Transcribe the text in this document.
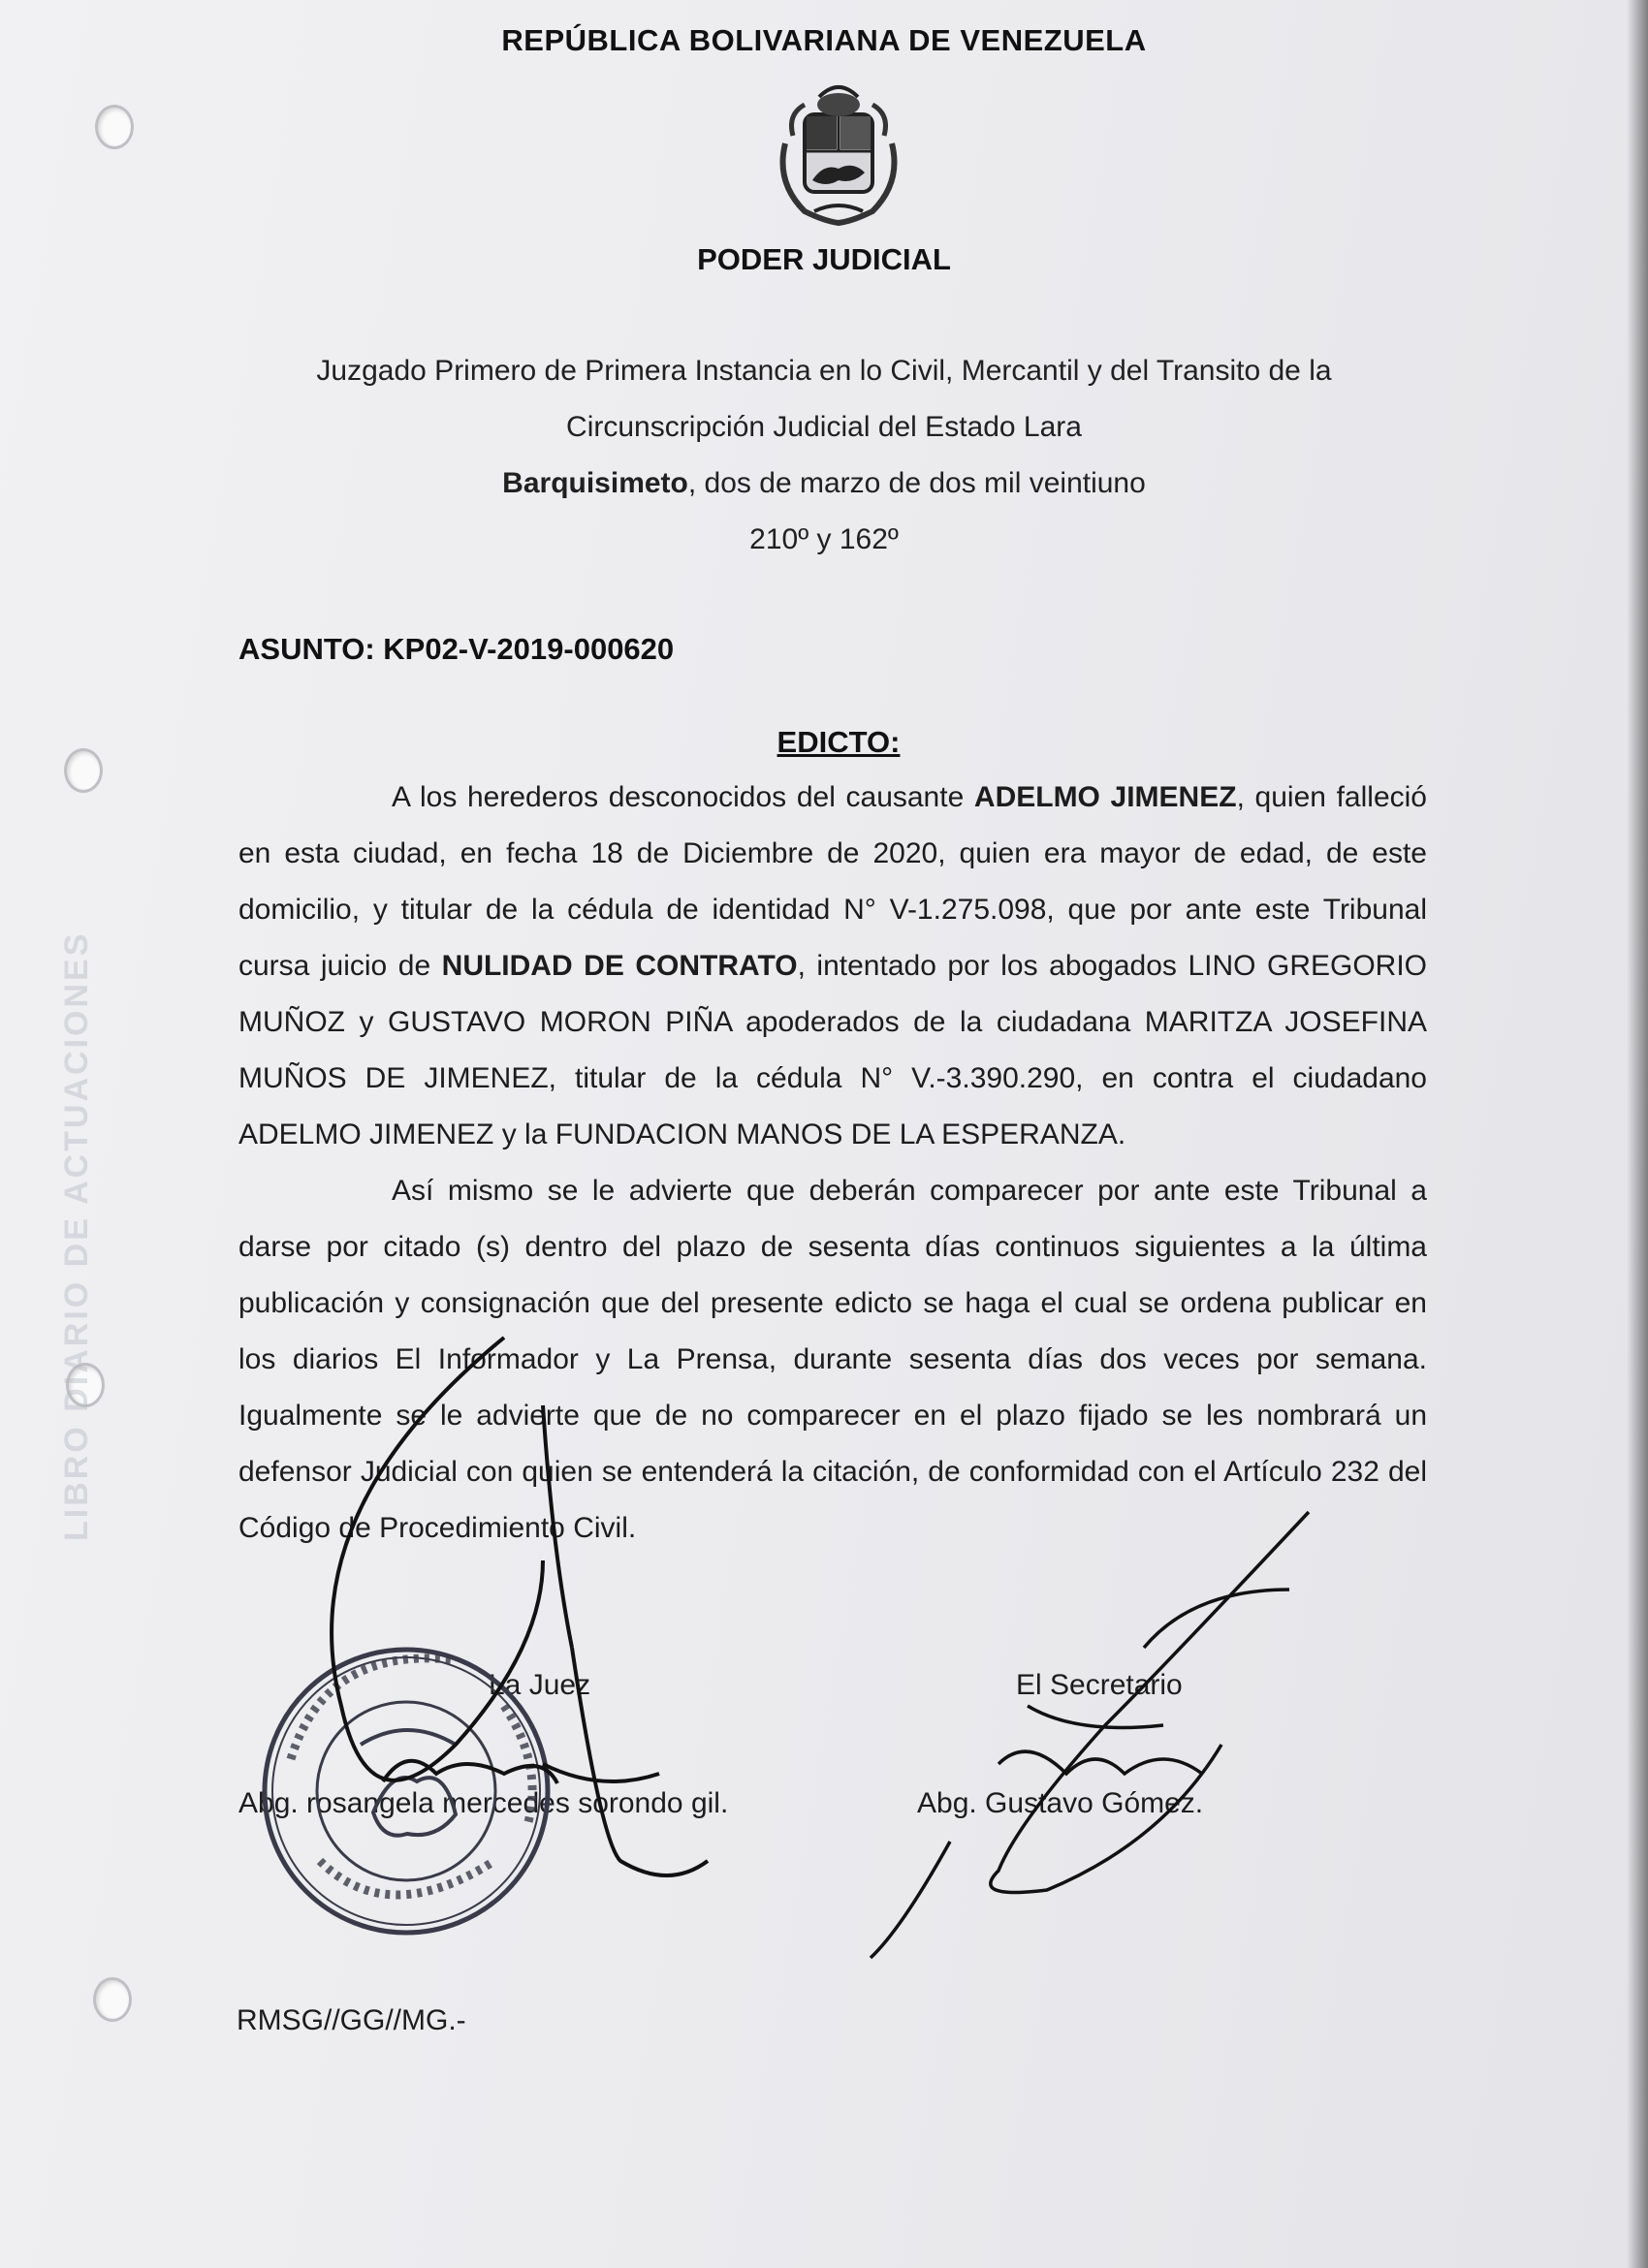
LIBRO DIARIO DE ACTUACIONES
REPÚBLICA BOLIVARIANA DE VENEZUELA
PODER JUDICIAL
Juzgado Primero de Primera Instancia en lo Civil, Mercantil y del Transito de la
Circunscripción Judicial del Estado Lara
Barquisimeto, dos de marzo de dos mil veintiuno
210º y 162º
ASUNTO: KP02-V-2019-000620
EDICTO:

A los herederos desconocidos del causante ADELMO JIMENEZ, quien falleció en esta ciudad, en fecha 18 de Diciembre de 2020, quien era mayor de edad, de este domicilio, y titular de la cédula de identidad N° V-1.275.098, que por ante este Tribunal cursa juicio de NULIDAD DE CONTRATO, intentado por los abogados LINO GREGORIO MUÑOZ y GUSTAVO MORON PIÑA apoderados de la ciudadana MARITZA JOSEFINA MUÑOS DE JIMENEZ, titular de la cédula N° V.-3.390.290, en contra el ciudadano ADELMO JIMENEZ y la FUNDACION MANOS DE LA ESPERANZA.

Así mismo se le advierte que deberán comparecer por ante este Tribunal a darse por citado (s) dentro del plazo de sesenta días continuos siguientes a la última publicación y consignación que del presente edicto se haga el cual se ordena publicar en los diarios El Informador y La Prensa, durante sesenta días dos veces por semana. Igualmente se le advierte que de no comparecer en el plazo fijado se les nombrará un defensor Judicial con quien se entenderá la citación, de conformidad con el Artículo 232 del Código de Procedimiento Civil.

La Juez	El Secretario
Abg. rosangela mercedes sorondo gil.	Abg. Gustavo Gómez.
RMSG//GG//MG.-
